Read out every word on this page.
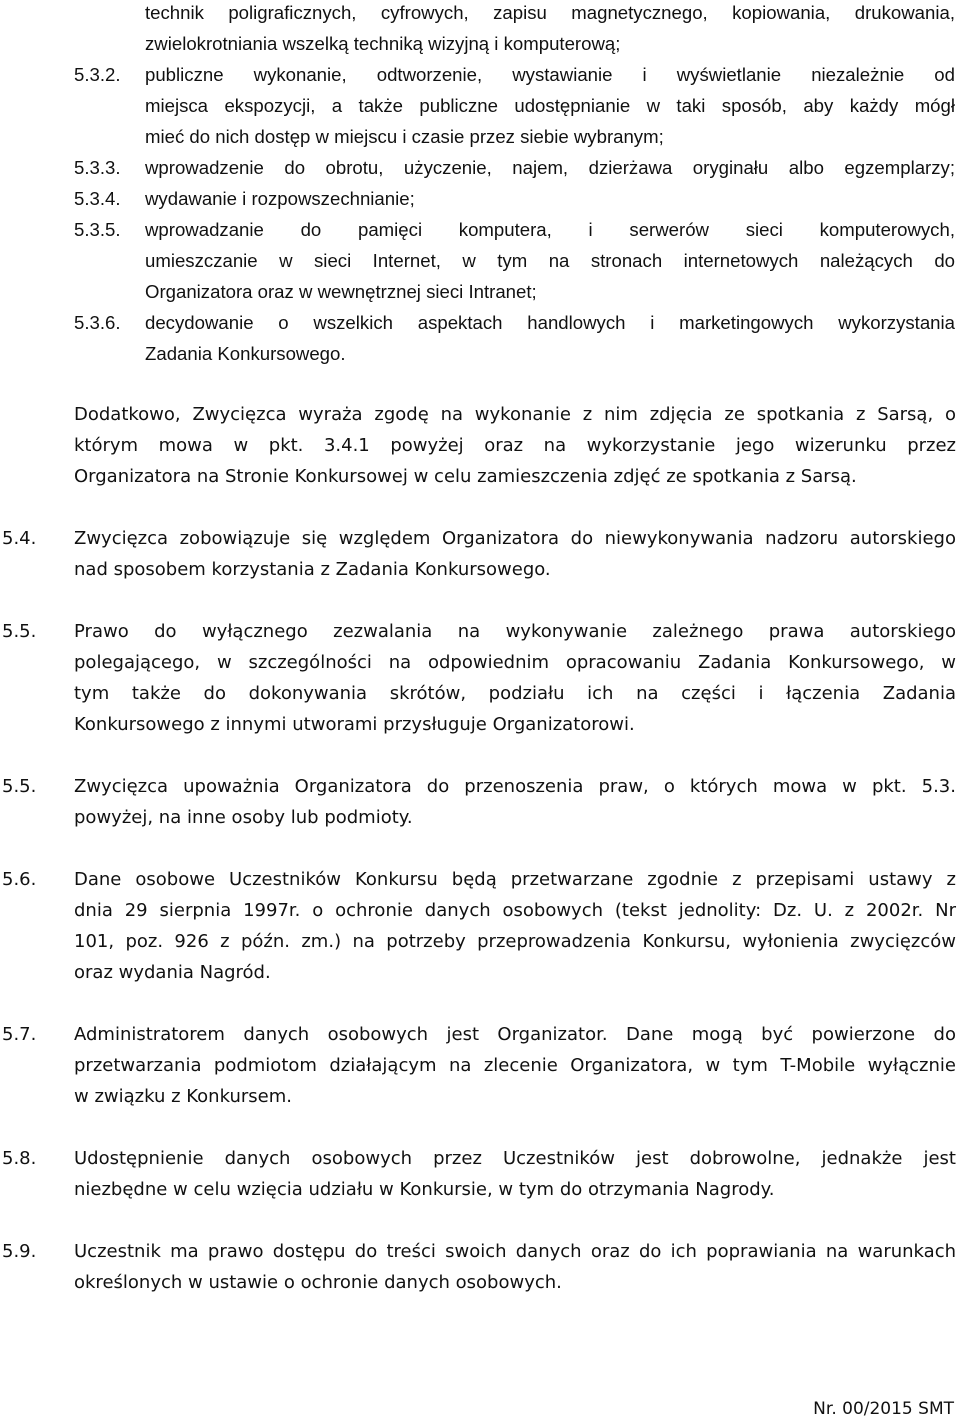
technik poligraficznych, cyfrowych, zapisu magnetycznego, kopiowania, drukowania,
zwielokrotniania wszelką techniką wizyjną i komputerową;
5.3.2. publiczne wykonanie, odtworzenie, wystawianie i wyświetlanie niezależnie od
miejsca ekspozycji, a także publiczne udostępnianie w taki sposób, aby każdy mógł
mieć do nich dostęp w miejscu i czasie przez siebie wybranym;
5.3.3. wprowadzenie do obrotu, użyczenie, najem, dzierżawa oryginału albo egzemplarzy;
5.3.4. wydawanie i rozpowszechnianie;
5.3.5. wprowadzanie do pamięci komputera, i serwerów sieci komputerowych,
umieszczanie w sieci Internet, w tym na stronach internetowych należących do
Organizatora oraz w wewnętrznej sieci Intranet;
5.3.6. decydowanie o wszelkich aspektach handlowych i marketingowych wykorzystania
Zadania Konkursowego.
Dodatkowo, Zwycięzca wyraża zgodę na wykonanie z nim zdjęcia ze spotkania z Sarsą, o
którym mowa w pkt. 3.4.1 powyżej oraz na wykorzystanie jego wizerunku przez
Organizatora na Stronie Konkursowej w celu zamieszczenia zdjęć ze spotkania z Sarsą.
5.4. Zwycięzca zobowiązuje się względem Organizatora do niewykonywania nadzoru autorskiego
nad sposobem korzystania z Zadania Konkursowego.
5.5. Prawo do wyłącznego zezwalania na wykonywanie zależnego prawa autorskiego
polegającego, w szczególności na odpowiednim opracowaniu Zadania Konkursowego, w
tym także do dokonywania skrótów, podziału ich na części i łączenia Zadania
Konkursowego z innymi utworami przysługuje Organizatorowi.
5.5. Zwycięzca upoważnia Organizatora do przenoszenia praw, o których mowa w pkt. 5.3.
powyżej, na inne osoby lub podmioty.
5.6. Dane osobowe Uczestników Konkursu będą przetwarzane zgodnie z przepisami ustawy z
dnia 29 sierpnia 1997r. o ochronie danych osobowych (tekst jednolity: Dz. U. z 2002r. Nr
101, poz. 926 z późn. zm.) na potrzeby przeprowadzenia Konkursu, wyłonienia zwycięzców
oraz wydania Nagród.
5.7. Administratorem danych osobowych jest Organizator. Dane mogą być powierzone do
przetwarzania podmiotom działającym na zlecenie Organizatora, w tym T-Mobile wyłącznie
w związku z Konkursem.
5.8. Udostępnienie danych osobowych przez Uczestników jest dobrowolne, jednakże jest
niezbędne w celu wzięcia udziału w Konkursie, w tym do otrzymania Nagrody.
5.9. Uczestnik ma prawo dostępu do treści swoich danych oraz do ich poprawiania na warunkach
określonych w ustawie o ochronie danych osobowych.
Nr. 00/2015 SMT
